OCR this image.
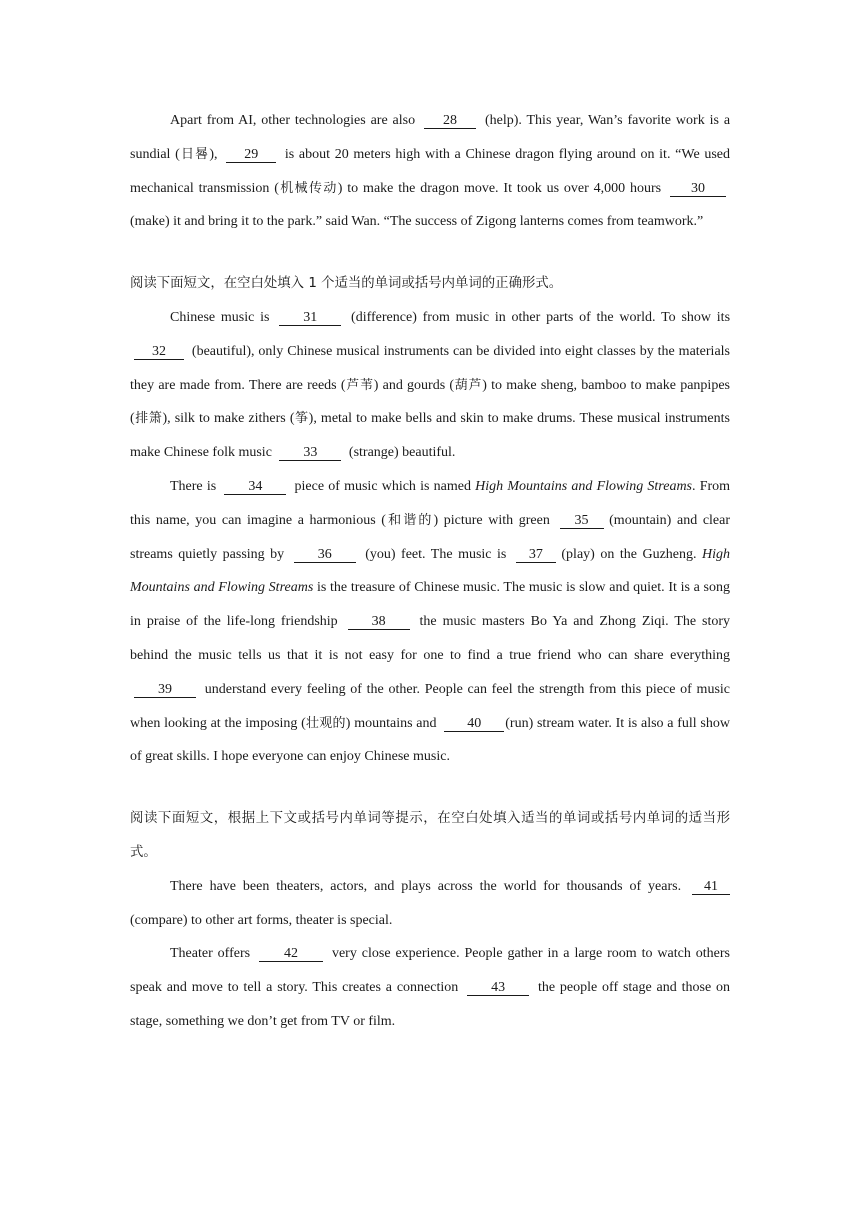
Apart from AI, other technologies are also 28 (help). This year, Wan’s favorite work is a sundial (日晷), 29 is about 20 meters high with a Chinese dragon flying around on it. “We used mechanical transmission (机械传动) to make the dragon move. It took us over 4,000 hours 30 (make) it and bring it to the park.” said Wan. “The success of Zigong lanterns comes from teamwork.”

阅读下面短文，在空白处填入 1 个适当的单词或括号内单词的正确形式。

Chinese music is 31 (difference) from music in other parts of the world. To show its 32 (beautiful), only Chinese musical instruments can be divided into eight classes by the materials they are made from. There are reeds (芦苇) and gourds (葫芦) to make sheng, bamboo to make panpipes (排箫), silk to make zithers (筝), metal to make bells and skin to make drums. These musical instruments make Chinese folk music 33 (strange) beautiful.

There is 34 piece of music which is named High Mountains and Flowing Streams. From this name, you can imagine a harmonious (和谐的) picture with green 35 (mountain) and clear streams quietly passing by 36 (you) feet. The music is 37 (play) on the Guzheng. High Mountains and Flowing Streams is the treasure of Chinese music. The music is slow and quiet. It is a song in praise of the life-long friendship 38 the music masters Bo Ya and Zhong Ziqi. The story behind the music tells us that it is not easy for one to find a true friend who can share everything 39 understand every feeling of the other. People can feel the strength from this piece of music when looking at the imposing (壮观的) mountains and 40 (run) stream water. It is also a full show of great skills. I hope everyone can enjoy Chinese music.

阅读下面短文，根据上下文或括号内单词等提示，在空白处填入适当的单词或括号内单词的适当形式。

There have been theaters, actors, and plays across the world for thousands of years. 41 (compare) to other art forms, theater is special.

Theater offers 42 very close experience. People gather in a large room to watch others speak and move to tell a story. This creates a connection 43 the people off stage and those on stage, something we don’t get from TV or film.
